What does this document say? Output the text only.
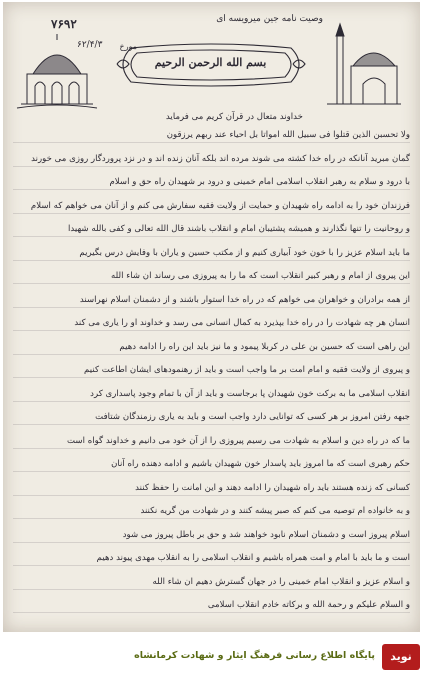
۷۶۹۲	وصیت نامه جین میرویسه ای
مورخ
۶۲/۴/۳
بسم الله الرحمن الرحیم
خداوند متعال در قرآن کریم می فرماید
ولا تحسبن الذین قتلوا فی سبیل الله امواتا بل احیاء عند ربهم یرزقون
گمان مبرید آنانکه در راه خدا کشته می شوند مرده اند بلکه آنان زنده اند و در نزد پروردگار روزی می خورند
با درود و سلام به رهبر انقلاب اسلامی امام خمینی و درود بر شهیدان راه حق و اسلام
فرزندان خود را به ادامه راه شهیدان و حمایت از ولایت فقیه سفارش می کنم و از آنان می خواهم که اسلام
و روحانیت را تنها نگذارند و همیشه پشتیبان امام و انقلاب باشند قال الله تعالی و کفی بالله شهیدا
ما باید اسلام عزیز را با خون خود آبیاری کنیم و از مکتب حسین و یاران با وفایش درس بگیریم
این پیروی از امام و رهبر کبیر انقلاب است که ما را به پیروزی می رساند ان شاء الله
از همه برادران و خواهران می خواهم که در راه خدا استوار باشند و از دشمنان اسلام نهراسند
انسان هر چه شهادت را در راه خدا بپذیرد به کمال انسانی می رسد و خداوند او را یاری می کند
این راهی است که حسین بن علی در کربلا پیمود و ما نیز باید این راه را ادامه دهیم
و پیروی از ولایت فقیه و امام امت بر ما واجب است و باید از رهنمودهای ایشان اطاعت کنیم
انقلاب اسلامی ما به برکت خون شهیدان پا برجاست و باید از آن با تمام وجود پاسداری کرد
جبهه رفتن امروز بر هر کسی که توانایی دارد واجب است و باید به یاری رزمندگان شتافت
ما که در راه دین و اسلام به شهادت می رسیم پیروزی را از آن خود می دانیم و خداوند گواه است
حکم رهبری است که ما امروز باید پاسدار خون شهیدان باشیم و ادامه دهنده راه آنان
کسانی که زنده هستند باید راه شهیدان را ادامه دهند و این امانت را حفظ کنند
و به خانواده ام توصیه می کنم که صبر پیشه کنند و در شهادت من گریه نکنند
اسلام پیروز است و دشمنان اسلام نابود خواهند شد و حق بر باطل پیروز می شود
است و ما باید با امام و امت همراه باشیم و انقلاب اسلامی را به انقلاب مهدی پیوند دهیم
و اسلام عزیز و انقلاب امام خمینی را در جهان گسترش دهیم ان شاء الله
و السلام علیکم و رحمة الله و برکاته خادم انقلاب اسلامی
پایگاه اطلاع رسانی فرهنگ ایثار و شهادت کرمانشاه	نوید شاهد
